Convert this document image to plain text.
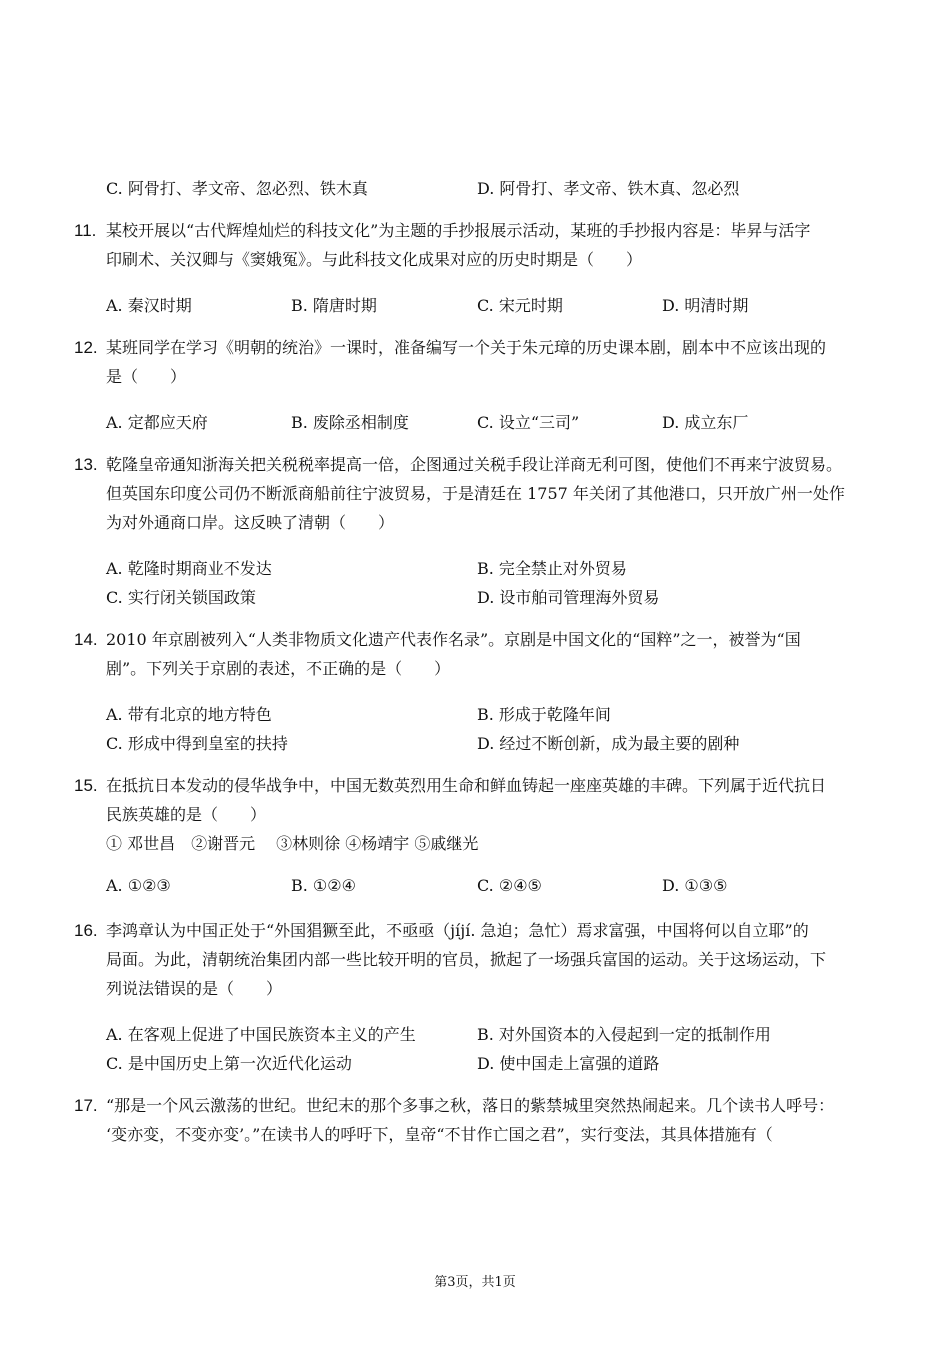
C. 阿骨打、孝文帝、忽必烈、铁木真	D. 阿骨打、孝文帝、铁木真、忽必烈
11. 某校开展以“古代辉煌灿烂的科技文化”为主题的手抄报展示活动，某班的手抄报内容是：毕昇与活字
印刷术、关汉卿与《窦娥冤》。与此科技文化成果对应的历史时期是（　　）
A. 秦汉时期	B. 隋唐时期	C. 宋元时期	D. 明清时期
12. 某班同学在学习《明朝的统治》一课时，准备编写一个关于朱元璋的历史课本剧，剧本中不应该出现的
是（　　）
A. 定都应天府	B. 废除丞相制度	C. 设立“三司”	D. 成立东厂
13. 乾隆皇帝通知浙海关把关税税率提高一倍，企图通过关税手段让洋商无利可图，使他们不再来宁波贸易。
但英国东印度公司仍不断派商船前往宁波贸易，于是清廷在 1757 年关闭了其他港口，只开放广州一处作
为对外通商口岸。这反映了清朝（　　）
A. 乾隆时期商业不发达	B. 完全禁止对外贸易
C. 实行闭关锁国政策	D. 设市舶司管理海外贸易
14. 2010 年京剧被列入“人类非物质文化遗产代表作名录”。京剧是中国文化的“国粹”之一，被誉为“国
剧”。下列关于京剧的表述，不正确的是（　　）
A. 带有北京的地方特色	B. 形成于乾隆年间
C. 形成中得到皇室的扶持	D. 经过不断创新，成为最主要的剧种
15. 在抵抗日本发动的侵华战争中，中国无数英烈用生命和鲜血铸起一座座英雄的丰碑。下列属于近代抗日
民族英雄的是（　　）
① 邓世昌　②谢晋元　 ③林则徐 ④杨靖宇 ⑤戚继光
A. ①②③	B. ①②④	C. ②④⑤	D. ①③⑤
16. 李鸿章认为中国正处于“外国猖獗至此，不亟亟（jíjí. 急迫；急忙）焉求富强，中国将何以自立耶”的
局面。为此，清朝统治集团内部一些比较开明的官员，掀起了一场强兵富国的运动。关于这场运动，下
列说法错误的是（　　）
A. 在客观上促进了中国民族资本主义的产生	B. 对外国资本的入侵起到一定的抵制作用
C. 是中国历史上第一次近代化运动	D. 使中国走上富强的道路
17. “那是一个风云激荡的世纪。世纪末的那个多事之秋，落日的紫禁城里突然热闹起来。几个读书人呼号：
‘变亦变，不变亦变’。”在读书人的呼吁下，皇帝“不甘作亡国之君”，实行变法，其具体措施有（
第3页，共1页
